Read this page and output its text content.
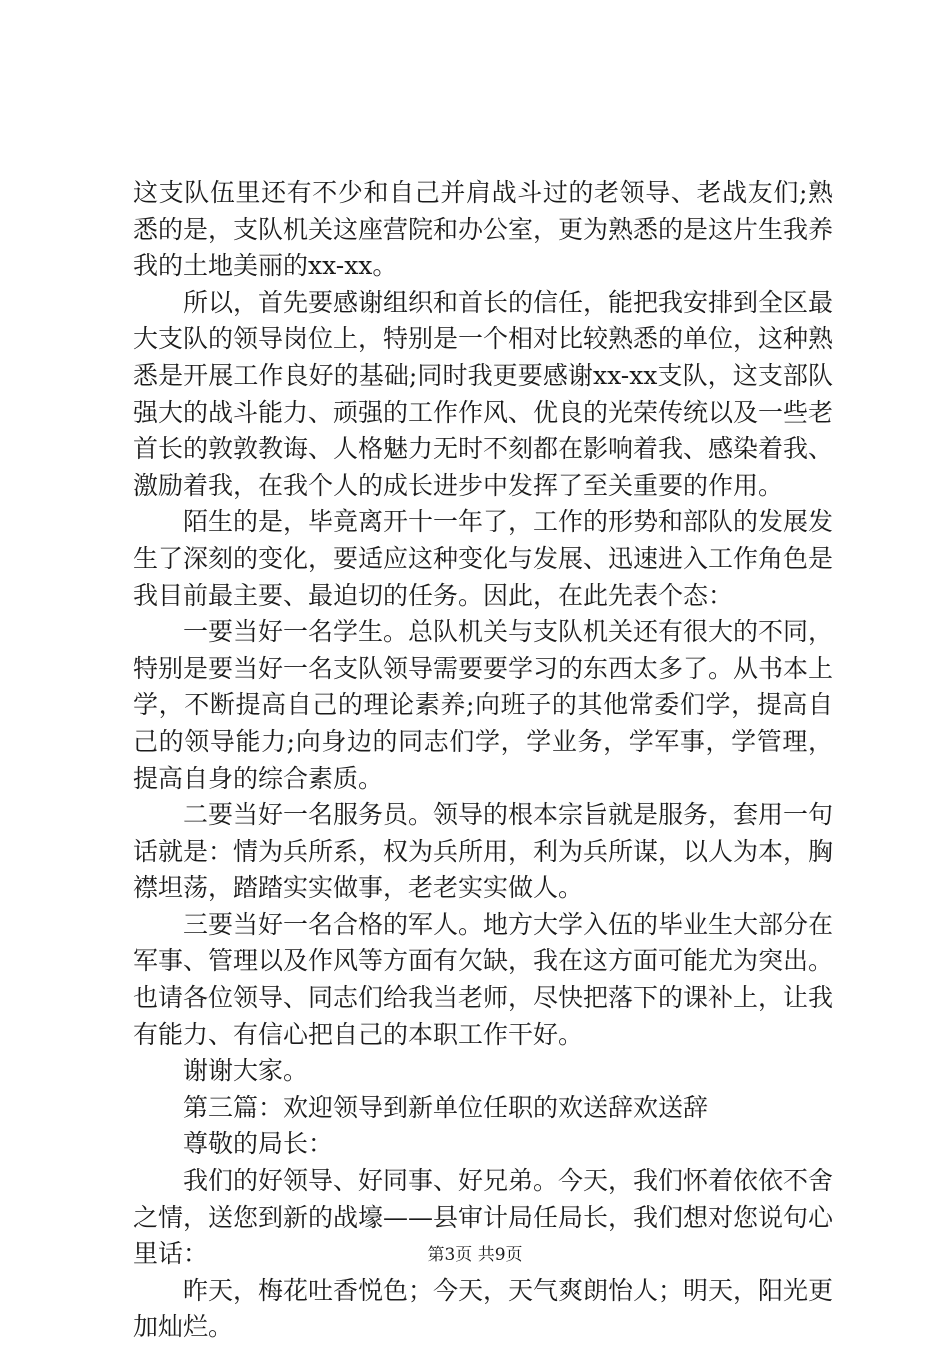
这支队伍里还有不少和自己并肩战斗过的老领导、老战友们;熟悉的是，支队机关这座营院和办公室，更为熟悉的是这片生我养我的土地美丽的xx-xx。

所以，首先要感谢组织和首长的信任，能把我安排到全区最大支队的领导岗位上，特别是一个相对比较熟悉的单位，这种熟悉是开展工作良好的基础;同时我更要感谢xx-xx支队，这支部队强大的战斗能力、顽强的工作作风、优良的光荣传统以及一些老首长的敦敦教诲、人格魅力无时不刻都在影响着我、感染着我、激励着我，在我个人的成长进步中发挥了至关重要的作用。

陌生的是，毕竟离开十一年了，工作的形势和部队的发展发生了深刻的变化，要适应这种变化与发展、迅速进入工作角色是我目前最主要、最迫切的任务。因此，在此先表个态：

一要当好一名学生。总队机关与支队机关还有很大的不同，特别是要当好一名支队领导需要要学习的东西太多了。从书本上学，不断提高自己的理论素养;向班子的其他常委们学，提高自己的领导能力;向身边的同志们学，学业务，学军事，学管理，提高自身的综合素质。

二要当好一名服务员。领导的根本宗旨就是服务，套用一句话就是：情为兵所系，权为兵所用，利为兵所谋，以人为本，胸襟坦荡，踏踏实实做事，老老实实做人。

三要当好一名合格的军人。地方大学入伍的毕业生大部分在军事、管理以及作风等方面有欠缺，我在这方面可能尤为突出。也请各位领导、同志们给我当老师，尽快把落下的课补上，让我有能力、有信心把自己的本职工作干好。

谢谢大家。

第三篇：欢迎领导到新单位任职的欢送辞欢送辞

尊敬的局长：

我们的好领导、好同事、好兄弟。今天，我们怀着依依不舍之情，送您到新的战壕——县审计局任局长，我们想对您说句心里话：

昨天，梅花吐香悦色；今天，天气爽朗怡人；明天，阳光更加灿烂。

第3页 共9页
